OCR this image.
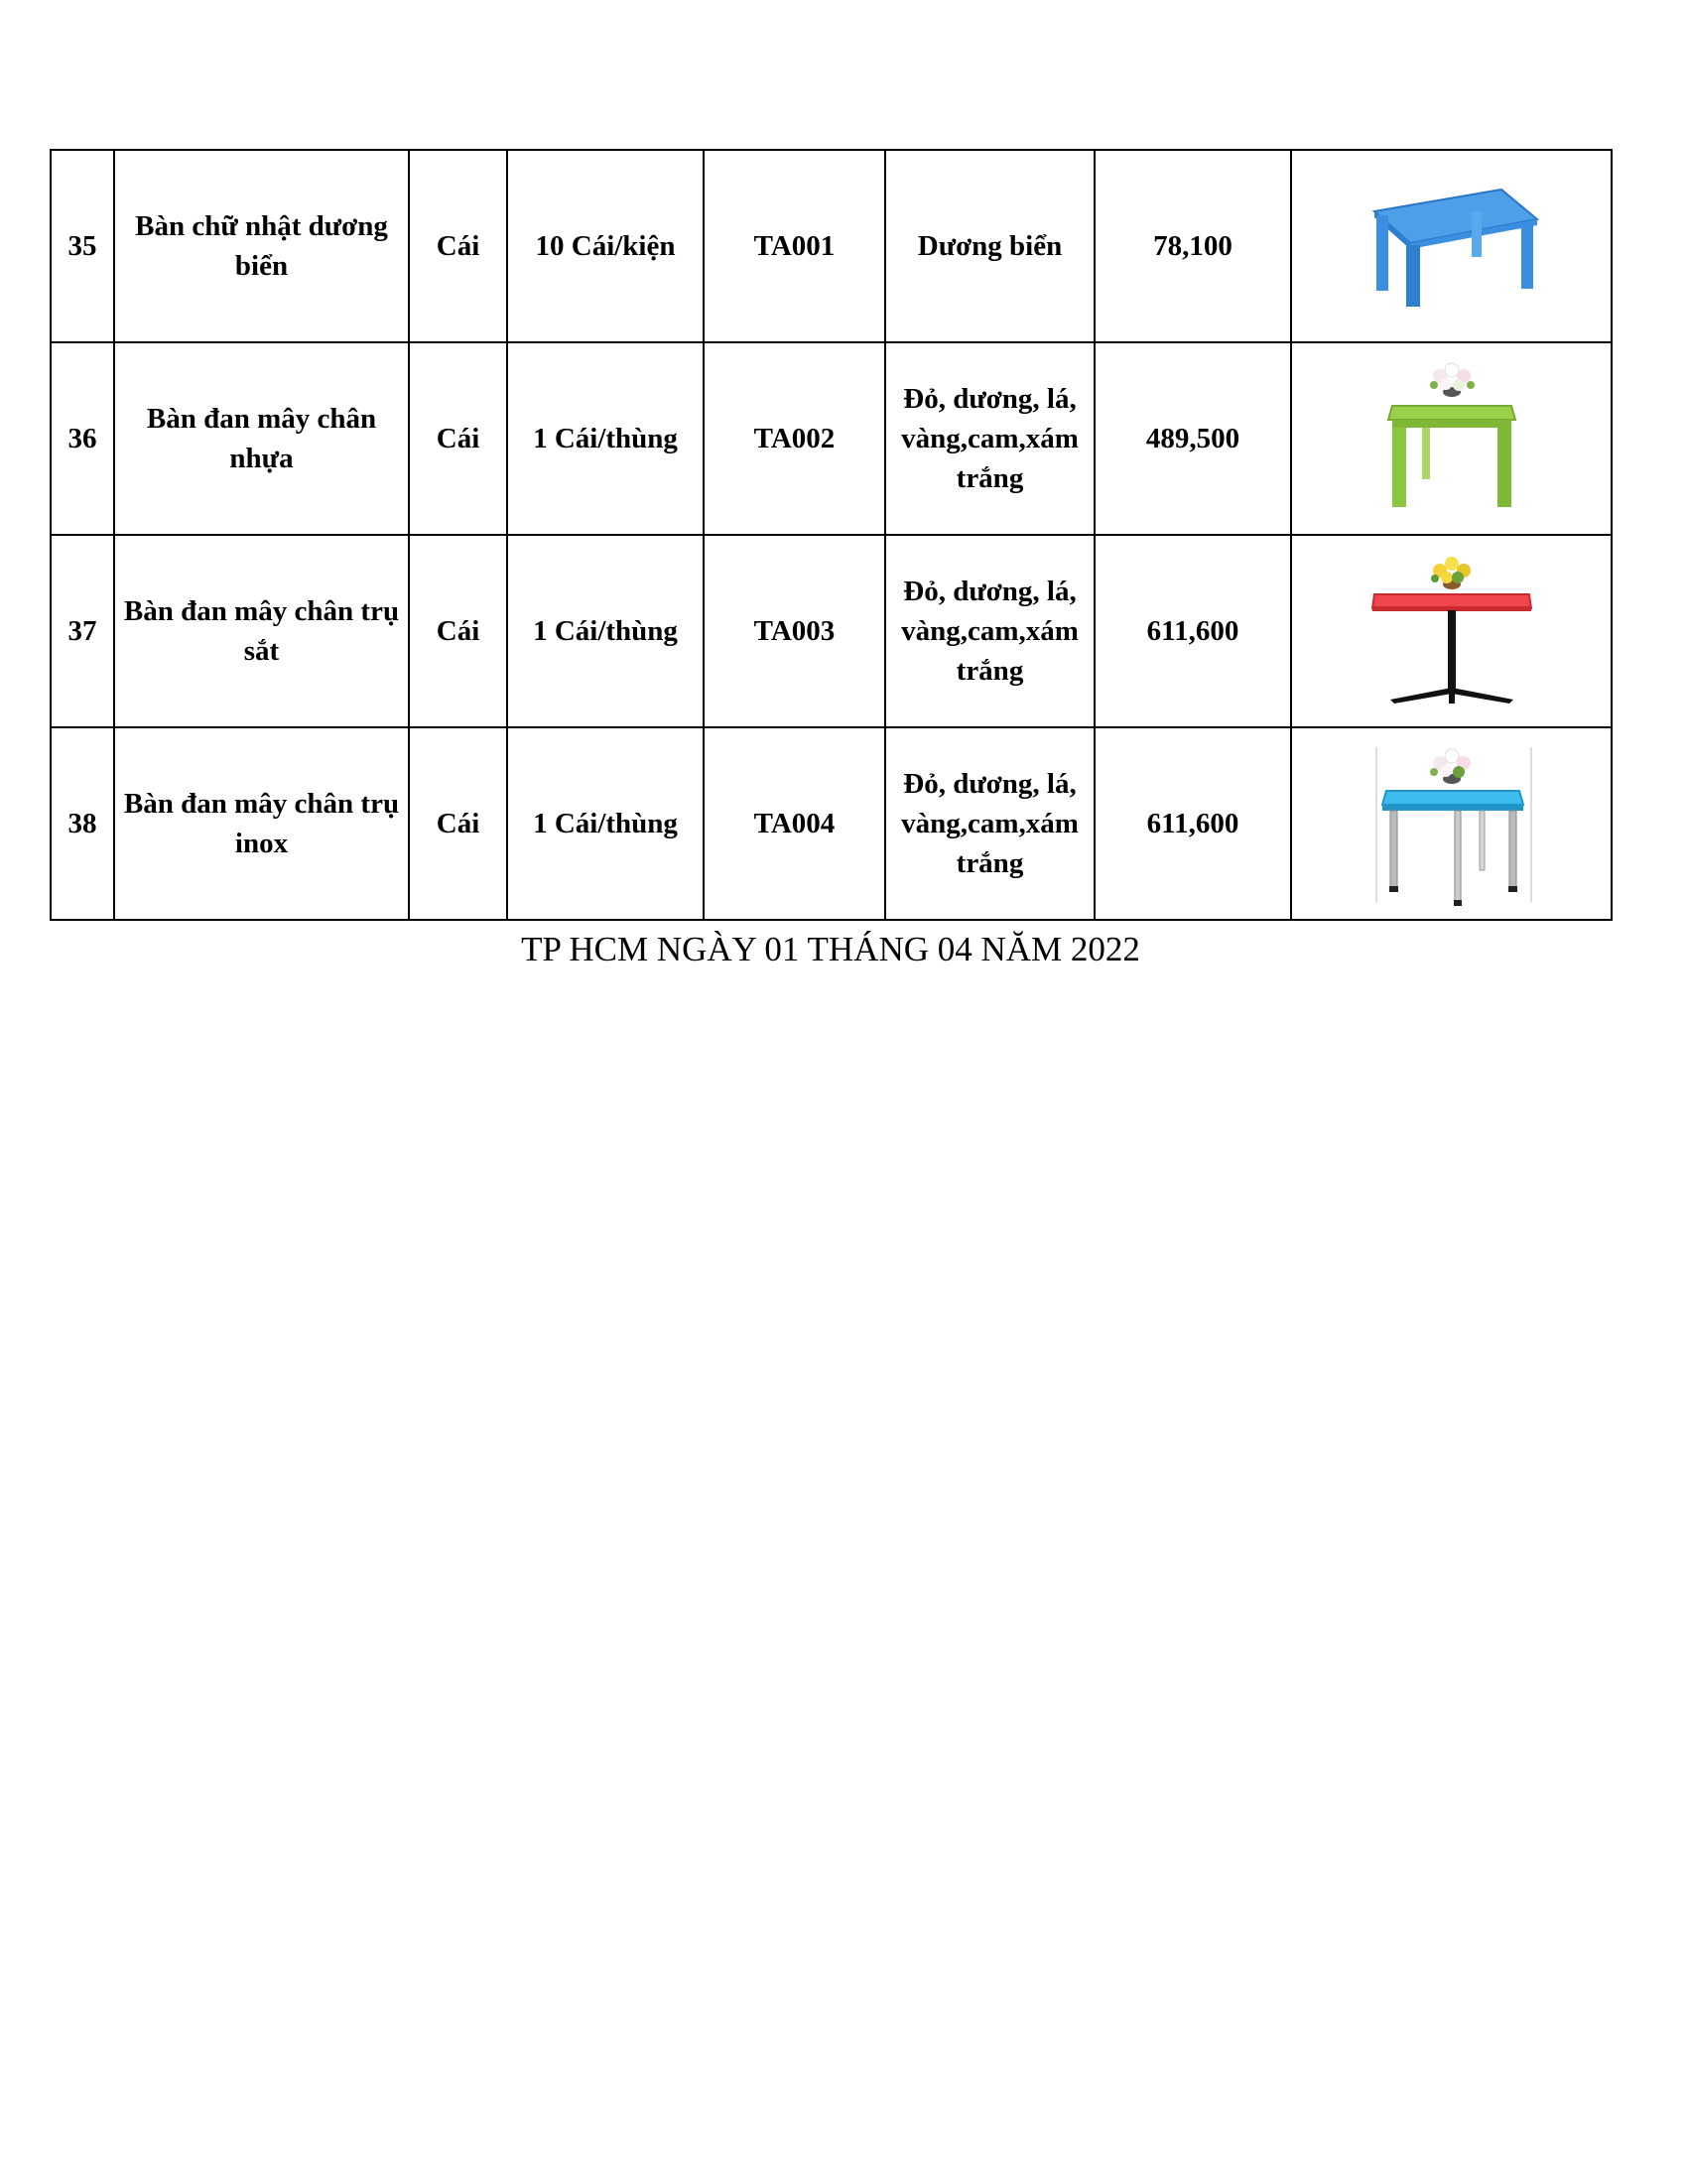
35	Bàn chữ nhật dương biển	Cái	10 Cái/kiện	TA001	Dương biển	78,100	

36	Bàn đan mây chân nhựa	Cái	1 Cái/thùng	TA002	Đỏ, dương, lá, vàng,cam,xám trắng	489,500	

37	Bàn đan mây chân trụ sắt	Cái	1 Cái/thùng	TA003	Đỏ, dương, lá, vàng,cam,xám trắng	611,600	

38	Bàn đan mây chân trụ inox	Cái	1 Cái/thùng	TA004	Đỏ, dương, lá, vàng,cam,xám trắng	611,600	
TP HCM NGÀY 01 THÁNG 04 NĂM 2022
